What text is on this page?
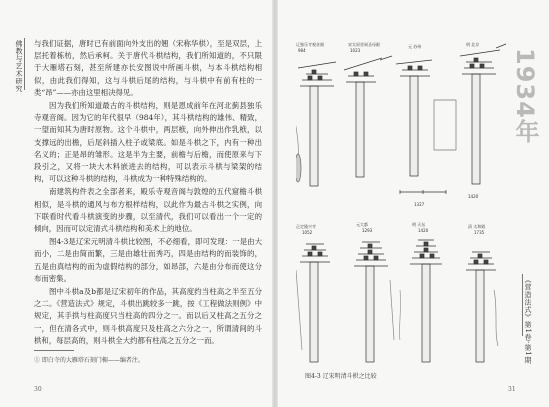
佛教与艺术研究 与我们证据，唐时已有前面向外支出的翘（宋称华栱），至是双层，上层托着栋枋，然后承柯。关于唐代斗栱结构，我们所知道的，不只限于大雁塔石刻，甚至所建亦长安图说中所画斗栱，与本斗栱结构相似，由此我们得知，这与斗栱后尾的结构，与斗栱中有前有柱的一类“昂”——亦由这里相决得见。

因为我们所知道最古的斗栱结构，则是恩成前年在河北蓟县独乐寺观音阁。因为它的年代很早（984年），其斗栱结构的雄伟、精致，一望而知其为唐时原物。这个斗栱中，两层栿，向外伸出作乳栿，以支撑远的出檐，后尾斜插入柱子或梁底。如是斗栱之下，内有一种出名义的；正是昂的雏形。这是半为主要，前檐与后檐，而使原来与下段引之，又将一块大木料嵌进去的结构，可以表示斗栱与梁架的结构，可以这种斗栱的结构，斗栱成为一种特殊结构的。

南建筑构件表之全部者来，殿乐寺观音阁与敦煌的五代窟檐斗栱相似，是斗栱的通风与布方根样结构，以此作为最古斗栱之实例，向下联看时代看斗栱演变的步骤，以至清代，我们可以看出一个一定的倾向，因而可以定清式斗栱结构和美术上的地位。

图4-3是辽宋元明清斗栱比较图，不必细看，即可发现：一是由大而小，二是由简而繁，三是由雄壮而秀巧，四是由结构的而装饰的，五是由真结构的而为虚假结构的部分，如昂部，六是由分布而使这分布而密集。

图中斗栱a及b都是辽宋初年的作品，其高度约当柱高之半至五分之二。《营造法式》规定，斗栱出跳较多一跳，按《工程做法则例》中规定，其手拱与柱高度只当柱高的四分之一。而以后又柱高之五分之一，但在清各式中，则斗栱高度只及柱高之六分之一，所谓清间的斗栱和，每层高的，则斗栱全大约都有柱高之五分之一而。

① 即白寺的大雁塔石刻门楣——编者注。
30
1934年
《营造法式》第1卷·第1期
辽独乐寺观音阁	宋太原晋祠圣母殿	元 苏州	明 北京
984	1023
1327
1420
正定隆兴寺	元大都	明 天坛	清 太和殿
1052	1293	1420	1735
图4-3 辽宋明清斗栱之比较
31
